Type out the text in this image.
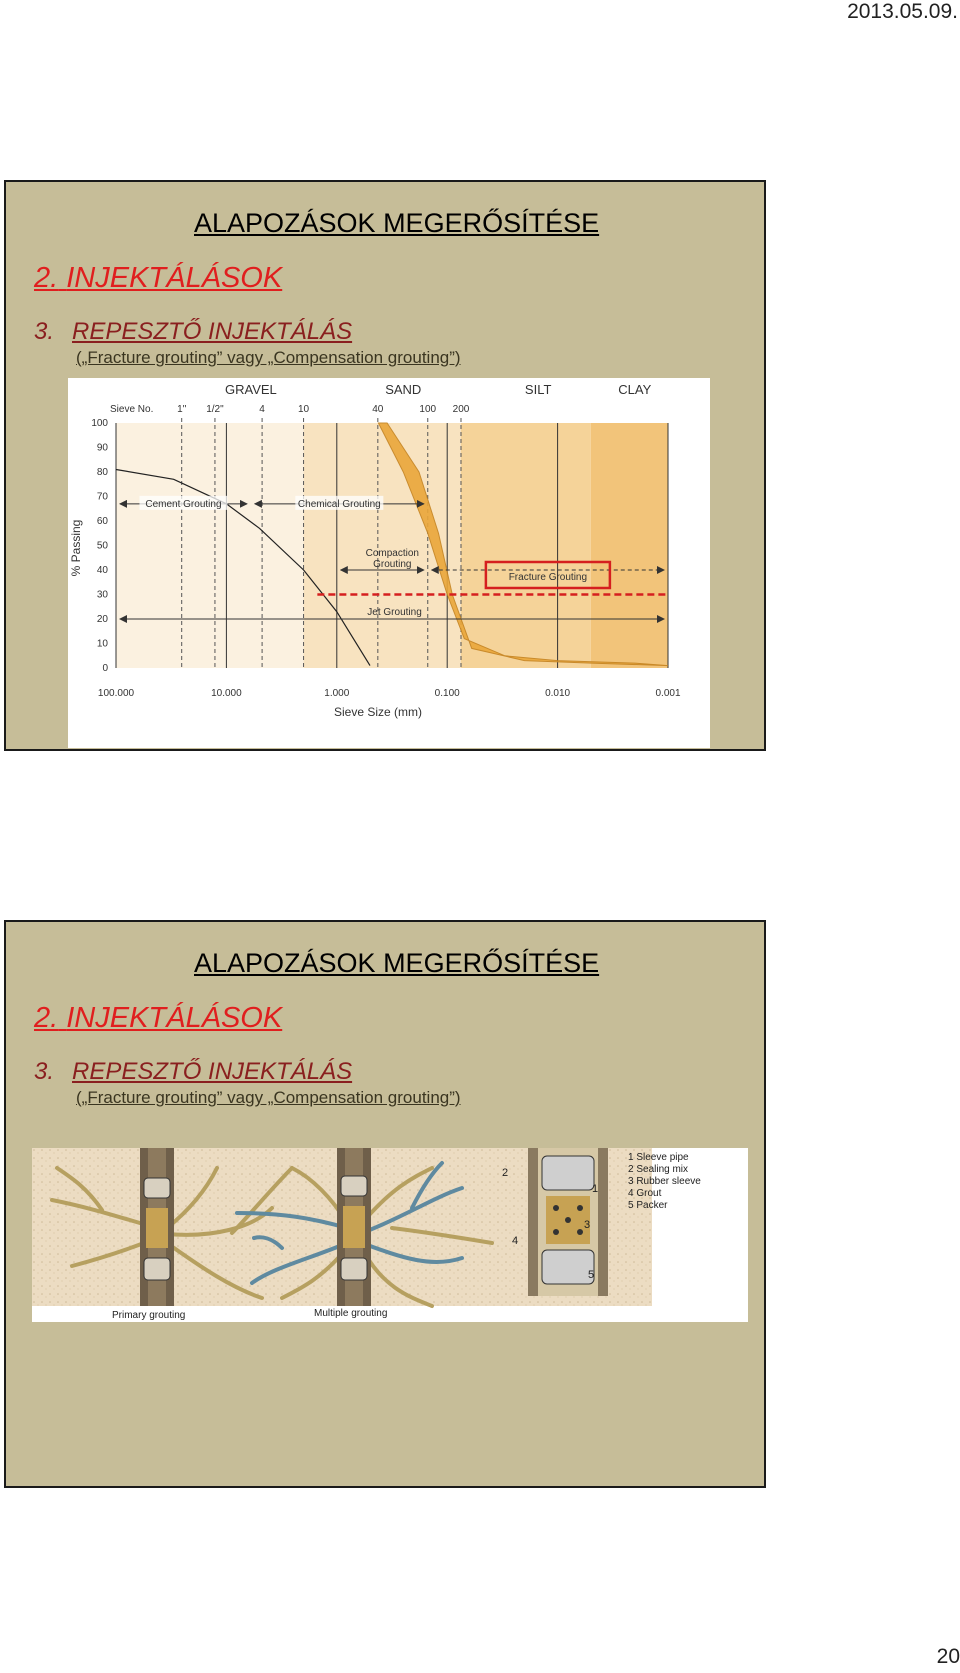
2013.05.09.
ALAPOZÁSOK MEGERŐSÍTÉSE
2. INJEKTÁLÁSOK
3. REPESZTŐ INJEKTÁLÁS
(„Fracture grouting” vagy „Compensation grouting”)
Cement Grouting	Chemical Grouting
Compaction
Grouting
Fracture Grouting
Jet Grouting
GRAVEL	SAND	SILT	CLAY
Sieve No. 1" 1/2"	4	10	40	100 200
100.000	10.000	1.000	0.100	0.010	0.001
0
10
20
30
40
50
60
70
80
90
100
Sieve Size (mm)
% Passing
ALAPOZÁSOK MEGERŐSÍTÉSE
2. INJEKTÁLÁSOK
3. REPESZTŐ INJEKTÁLÁS
(„Fracture grouting” vagy „Compensation grouting”)
1
2
3
4
5
1 Sleeve pipe
2 Sealing mix
3 Rubber sleeve
4 Grout
5 Packer
Primary grouting	Multiple grouting
20
